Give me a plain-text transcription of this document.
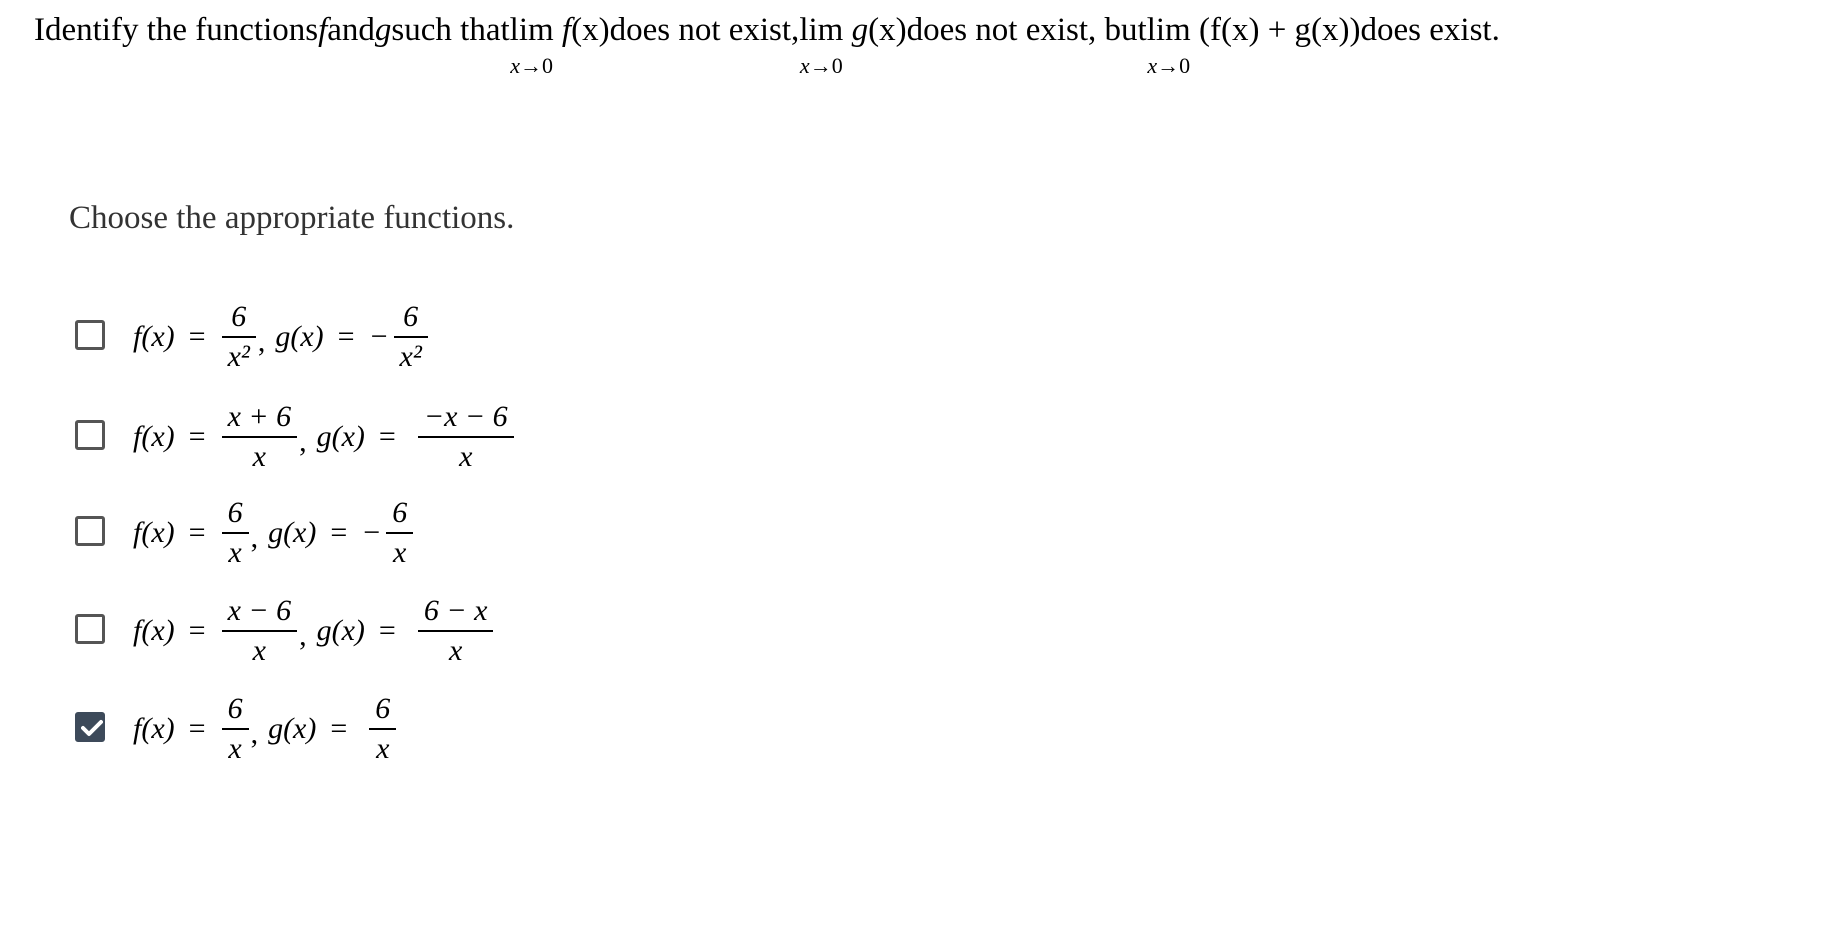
Identify the functionsfandgsuch thatlim
x→0
f(x)does not exist,lim
x→0
g(x)does not exist, butlim
x→0
(f(x) + g(x))does exist.
Choose the appropriate functions.
$f(x) = \frac{6}{\text{x²}}$ , g(x) = − $\frac{6}{\text{x²}}$
$f(x) = \frac{x + 6}{x}$ , $g(x) = \frac{-x - 6}{x}$
$f(x) = \frac{6}{x}$ , g(x) = − $\frac{6}{x}$
$f(x) = \frac{x - 6}{x}$ , $g(x) = \frac{6 - x}{x}$
$f(x) = \frac{6}{x}$ , $g(x) = \frac{6}{x}$
